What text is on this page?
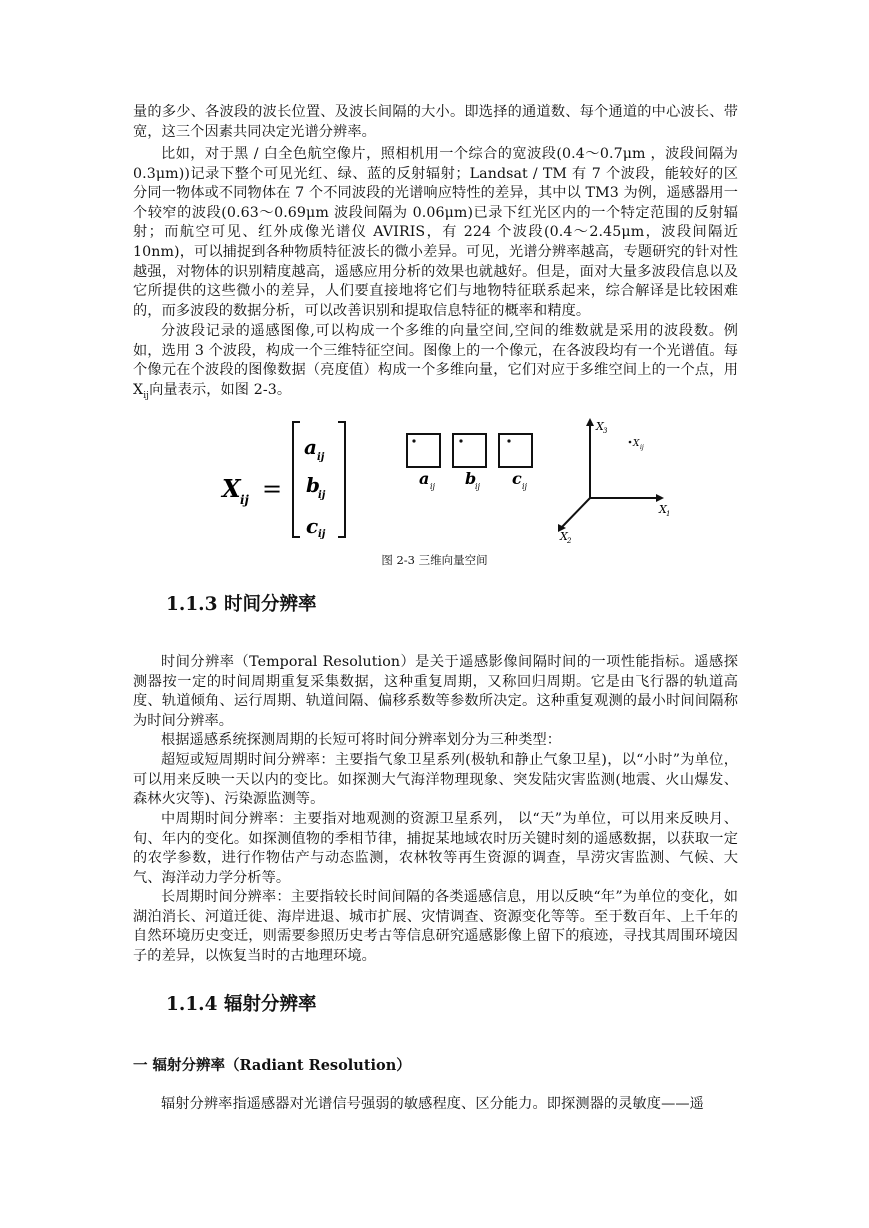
量的多少、各波段的波长位置、及波长间隔的大小。即选择的通道数、每个通道的中心波长、带宽，这三个因素共同决定光谱分辨率。

比如，对于黑 / 白全色航空像片，照相机用一个综合的宽波段(0.4～0.7μm ，波段间隔为 0.3μm))记录下整个可见光红、绿、蓝的反射辐射；Landsat / TM 有 7 个波段，能较好的区分同一物体或不同物体在 7 个不同波段的光谱响应特性的差异，其中以 TM3 为例，遥感器用一个较窄的波段(0.63～0.69μm 波段间隔为 0.06μm)已录下红光区内的一个特定范围的反射辐射；而航空可见、红外成像光谱仪 AVIRIS，有 224 个波段(0.4～2.45μm，波段间隔近 10nm)，可以捕捉到各种物质特征波长的微小差异。可见，光谱分辨率越高，专题研究的针对性越强，对物体的识别精度越高，遥感应用分析的效果也就越好。但是，面对大量多波段信息以及它所提供的这些微小的差异，人们要直接地将它们与地物特征联系起来，综合解译是比较困难的，而多波段的数据分析，可以改善识别和提取信息特征的概率和精度。

分波段记录的遥感图像,可以构成一个多维的向量空间,空间的维数就是采用的波段数。例如，选用 3 个波段，构成一个三维特征空间。图像上的一个像元，在各波段均有一个光谱值。每个像元在个波段的图像数据（亮度值）构成一个多维向量，它们对应于多维空间上的一个点，用 $X_{ij}$向量表示，如图 2-3。

X ij =
a ij
b
ij
c ij
a ij b
ij c ij
X 3
X 1
X 2
X ij
图 2-3 三维向量空间
1.1.3 时间分辨率

时间分辨率（Temporal Resolution）是关于遥感影像间隔时间的一项性能指标。遥感探测器按一定的时间周期重复采集数据，这种重复周期，又称回归周期。它是由飞行器的轨道高度、轨道倾角、运行周期、轨道间隔、偏移系数等参数所决定。这种重复观测的最小时间间隔称为时间分辨率。

根据遥感系统探测周期的长短可将时间分辨率划分为三种类型：

超短或短周期时间分辨率：主要指气象卫星系列(极轨和静止气象卫星)，以“小时”为单位，可以用来反映一天以内的变比。如探测大气海洋物理现象、突发陆灾害监测(地震、火山爆发、森林火灾等)、污染源监测等。

中周期时间分辨率：主要指对地观测的资源卫星系列， 以“天”为单位，可以用来反映月、旬、年内的变化。如探测值物的季相节律，捕捉某地域农时历关键时刻的遥感数据，以获取一定的农学参数，进行作物估产与动态监测，农林牧等再生资源的调查，旱涝灾害监测、气候、大气、海洋动力学分析等。

长周期时间分辨率：主要指较长时间间隔的各类遥感信息，用以反映“年”为单位的变化，如湖泊消长、河道迁徙、海岸进退、城市扩展、灾情调查、资源变化等等。至于数百年、上千年的自然环境历史变迁，则需要参照历史考古等信息研究遥感影像上留下的痕迹，寻找其周围环境因子的差异，以恢复当时的古地理环境。

1.1.4 辐射分辨率
一 辐射分辨率（Radiant Resolution）

辐射分辨率指遥感器对光谱信号强弱的敏感程度、区分能力。即探测器的灵敏度——遥
